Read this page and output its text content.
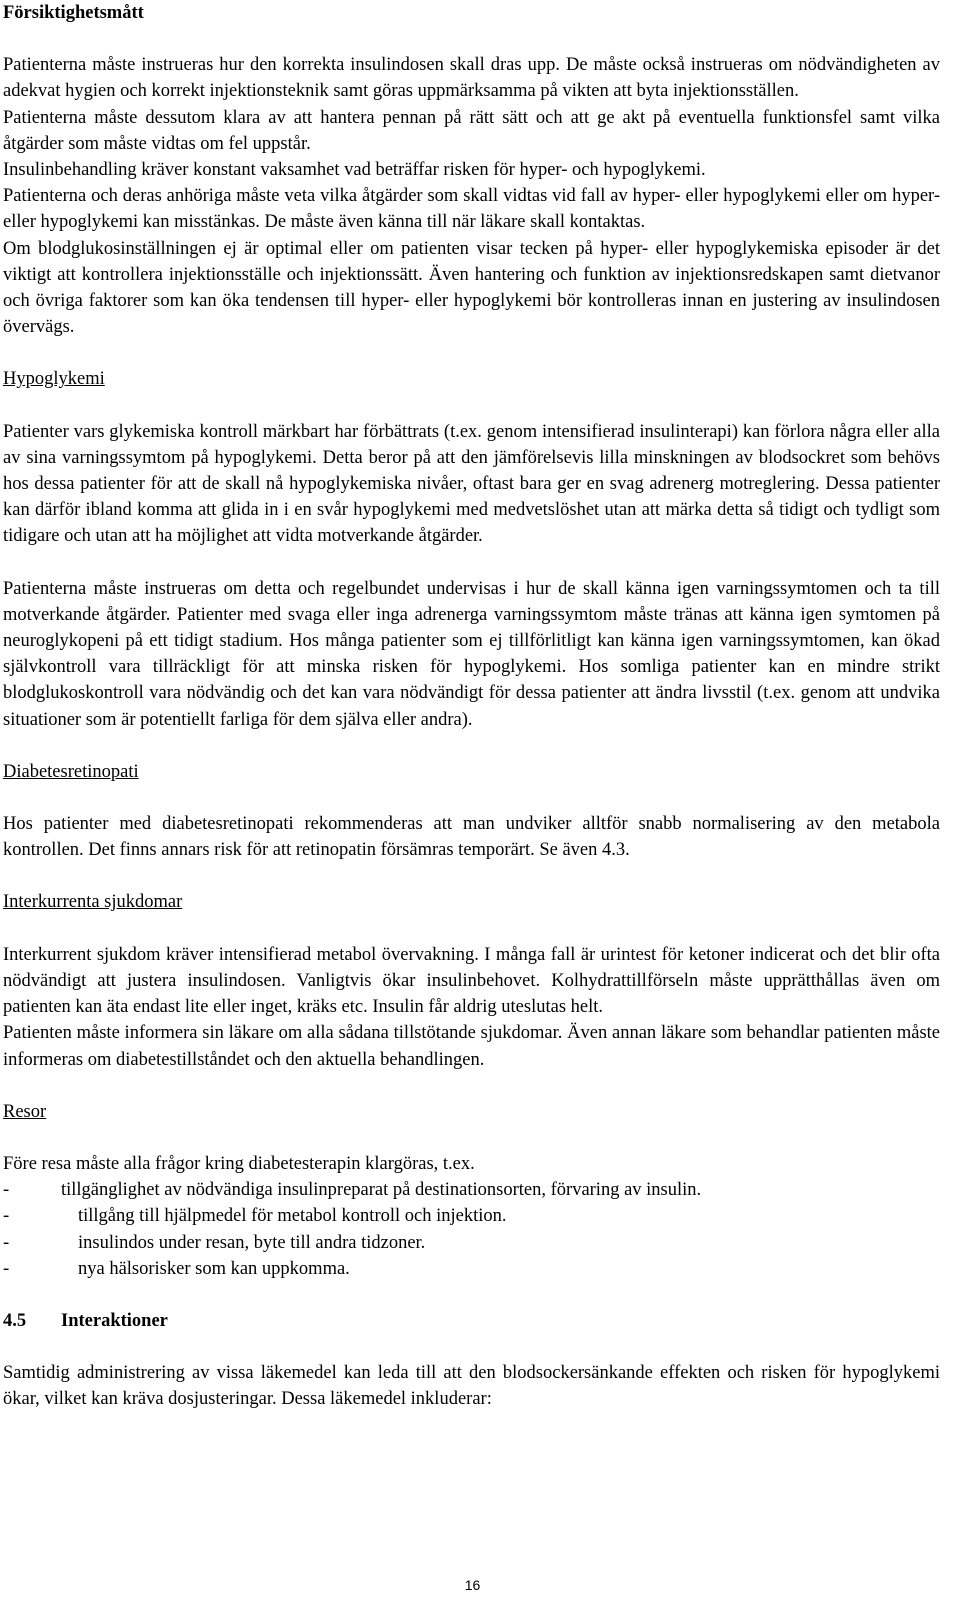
Försiktighetsmått

Patienterna måste instrueras hur den korrekta insulindosen skall dras upp. De måste också instrueras om nödvändigheten av adekvat hygien och korrekt injektionsteknik samt göras uppmärksamma på vikten att byta injektionsställen.

Patienterna måste dessutom klara av att hantera pennan på rätt sätt och att ge akt på eventuella funktionsfel samt vilka åtgärder som måste vidtas om fel uppstår.

Insulinbehandling kräver konstant vaksamhet vad beträffar risken för hyper- och hypoglykemi.

Patienterna och deras anhöriga måste veta vilka åtgärder som skall vidtas vid fall av hyper- eller hypoglykemi eller om hyper- eller hypoglykemi kan misstänkas. De måste även känna till när läkare skall kontaktas.

Om blodglukosinställningen ej är optimal eller om patienten visar tecken på hyper- eller hypoglykemiska episoder är det viktigt att kontrollera injektionsställe och injektionssätt. Även hantering och funktion av injektionsredskapen samt dietvanor och övriga faktorer som kan öka tendensen till hyper- eller hypoglykemi bör kontrolleras innan en justering av insulindosen övervägs.

Hypoglykemi

Patienter vars glykemiska kontroll märkbart har förbättrats (t.ex. genom intensifierad insulinterapi) kan förlora några eller alla av sina varningssymtom på hypoglykemi. Detta beror på att den jämförelsevis lilla minskningen av blodsockret som behövs hos dessa patienter för att de skall nå hypoglykemiska nivåer, oftast bara ger en svag adrenerg motreglering. Dessa patienter kan därför ibland komma att glida in i en svår hypoglykemi med medvetslöshet utan att märka detta så tidigt och tydligt som tidigare och utan att ha möjlighet att vidta motverkande åtgärder.

Patienterna måste instrueras om detta och regelbundet undervisas i hur de skall känna igen varningssymtomen och ta till motverkande åtgärder. Patienter med svaga eller inga adrenerga varningssymtom måste tränas att känna igen symtomen på neuroglykopeni på ett tidigt stadium. Hos många patienter som ej tillförlitligt kan känna igen varningssymtomen, kan ökad självkontroll vara tillräckligt för att minska risken för hypoglykemi. Hos somliga patienter kan en mindre strikt blodglukoskontroll vara nödvändig och det kan vara nödvändigt för dessa patienter att ändra livsstil (t.ex. genom att undvika situationer som är potentiellt farliga för dem själva eller andra).

Diabetesretinopati

Hos patienter med diabetesretinopati rekommenderas att man undviker alltför snabb normalisering av den metabola kontrollen. Det finns annars risk för att retinopatin försämras temporärt. Se även 4.3.

Interkurrenta sjukdomar

Interkurrent sjukdom kräver intensifierad metabol övervakning. I många fall är urintest för ketoner indicerat och det blir ofta nödvändigt att justera insulindosen. Vanligtvis ökar insulinbehovet. Kolhydrattillförseln måste upprätthållas även om patienten kan äta endast lite eller inget, kräks etc. Insulin får aldrig uteslutas helt.

Patienten måste informera sin läkare om alla sådana tillstötande sjukdomar. Även annan läkare som behandlar patienten måste informeras om diabetestillståndet och den aktuella behandlingen.

Resor

Före resa måste alla frågor kring diabetesterapin klargöras, t.ex.

-	tillgänglighet av nödvändiga insulinpreparat på destinationsorten, förvaring av insulin.
-	tillgång till hjälpmedel för metabol kontroll och injektion.
-	insulindos under resan, byte till andra tidzoner.
-	nya hälsorisker som kan uppkomma.
4.5	Interaktioner

Samtidig administrering av vissa läkemedel kan leda till att den blodsockersänkande effekten och risken för hypoglykemi ökar, vilket kan kräva dosjusteringar. Dessa läkemedel inkluderar:

16
